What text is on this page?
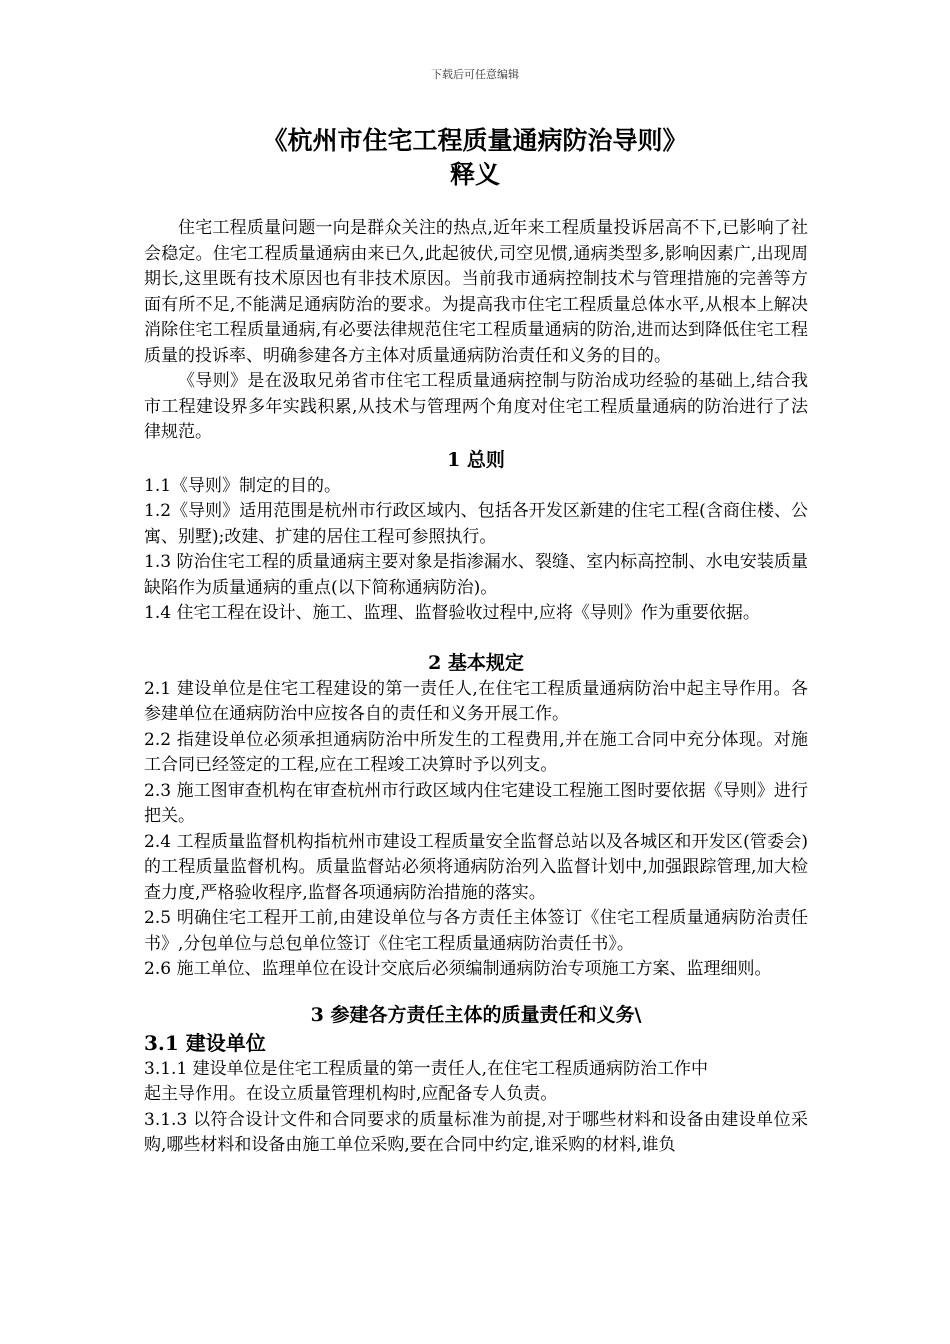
下载后可任意编辑
《杭州市住宅工程质量通病防治导则》
释义

住宅工程质量问题一向是群众关注的热点,近年来工程质量投诉居高不下,已影响了社会稳定。住宅工程质量通病由来已久,此起彼伏,司空见惯,通病类型多,影响因素广,出现周期长,这里既有技术原因也有非技术原因。当前我市通病控制技术与管理措施的完善等方面有所不足,不能满足通病防治的要求。为提高我市住宅工程质量总体水平,从根本上解决消除住宅工程质量通病,有必要法律规范住宅工程质量通病的防治,进而达到降低住宅工程质量的投诉率、明确参建各方主体对质量通病防治责任和义务的目的。

《导则》是在汲取兄弟省市住宅工程质量通病控制与防治成功经验的基础上,结合我市工程建设界多年实践积累,从技术与管理两个角度对住宅工程质量通病的防治进行了法律规范。

1 总则

1.1《导则》制定的目的。

1.2《导则》适用范围是杭州市行政区域内、包括各开发区新建的住宅工程(含商住楼、公寓、别墅);改建、扩建的居住工程可参照执行。

1.3 防治住宅工程的质量通病主要对象是指渗漏水、裂缝、室内标高控制、水电安装质量缺陷作为质量通病的重点(以下简称通病防治)。

1.4 住宅工程在设计、施工、监理、监督验收过程中,应将《导则》作为重要依据。

2 基本规定

2.1 建设单位是住宅工程建设的第一责任人,在住宅工程质量通病防治中起主导作用。各参建单位在通病防治中应按各自的责任和义务开展工作。

2.2 指建设单位必须承担通病防治中所发生的工程费用,并在施工合同中充分体现。对施工合同已经签定的工程,应在工程竣工决算时予以列支。

2.3 施工图审查机构在审查杭州市行政区域内住宅建设工程施工图时要依据《导则》进行把关。

2.4 工程质量监督机构指杭州市建设工程质量安全监督总站以及各城区和开发区(管委会)的工程质量监督机构。质量监督站必须将通病防治列入监督计划中,加强跟踪管理,加大检查力度,严格验收程序,监督各项通病防治措施的落实。

2.5 明确住宅工程开工前,由建设单位与各方责任主体签订《住宅工程质量通病防治责任书》,分包单位与总包单位签订《住宅工程质量通病防治责任书》。

2.6 施工单位、监理单位在设计交底后必须编制通病防治专项施工方案、监理细则。

3 参建各方责任主体的质量责任和义务\

3.1 建设单位

3.1.1 建设单位是住宅工程质量的第一责任人,在住宅工程质通病防治工作中

起主导作用。在设立质量管理机构时,应配备专人负责。

3.1.3 以符合设计文件和合同要求的质量标准为前提,对于哪些材料和设备由建设单位采购,哪些材料和设备由施工单位采购,要在合同中约定,谁采购的材料,谁负
